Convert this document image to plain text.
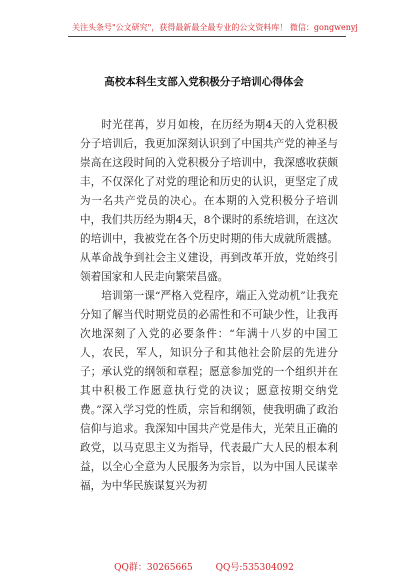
关注头条号"公文研究"，获得最新最全最专业的公文资料库！ 微信：gongwenyj
高校本科生支部入党积极分子培训心得体会

时光荏苒，岁月如梭，在历经为期4天的入党积极分子培训后，我更加深刻认识到了中国共产党的神圣与崇高在这段时间的入党积极分子培训中，我深感收获颇丰，不仅深化了对党的理论和历史的认识，更坚定了成为一名共产党员的决心。在本期的入党积极分子培训中，我们共历经为期4天，8个课时的系统培训，在这次的培训中，我被党在各个历史时期的伟大成就所震撼。从革命战争到社会主义建设，再到改革开放，党始终引领着国家和人民走向繁荣昌盛。

培训第一课“严格入党程序，端正入党动机”让我充分知了解当代时期党员的必需性和不可缺少性，让我再次地深刻了入党的必要条件：“年满十八岁的中国工人，农民，军人，知识分子和其他社会阶层的先进分子；承认党的纲领和章程；愿意参加党的一个组织并在其中积极工作愿意执行党的决议；愿意按期交纳党费。”深入学习党的性质，宗旨和纲领，使我明确了政治信仰与追求。我深知中国共产党是伟大，光荣且正确的政党，以马克思主义为指导，代表最广大人民的根本利益，以全心全意为人民服务为宗旨，以为中国人民谋幸福，为中华民族谋复兴为初

QQ群：30265665	QQ号:535304092
